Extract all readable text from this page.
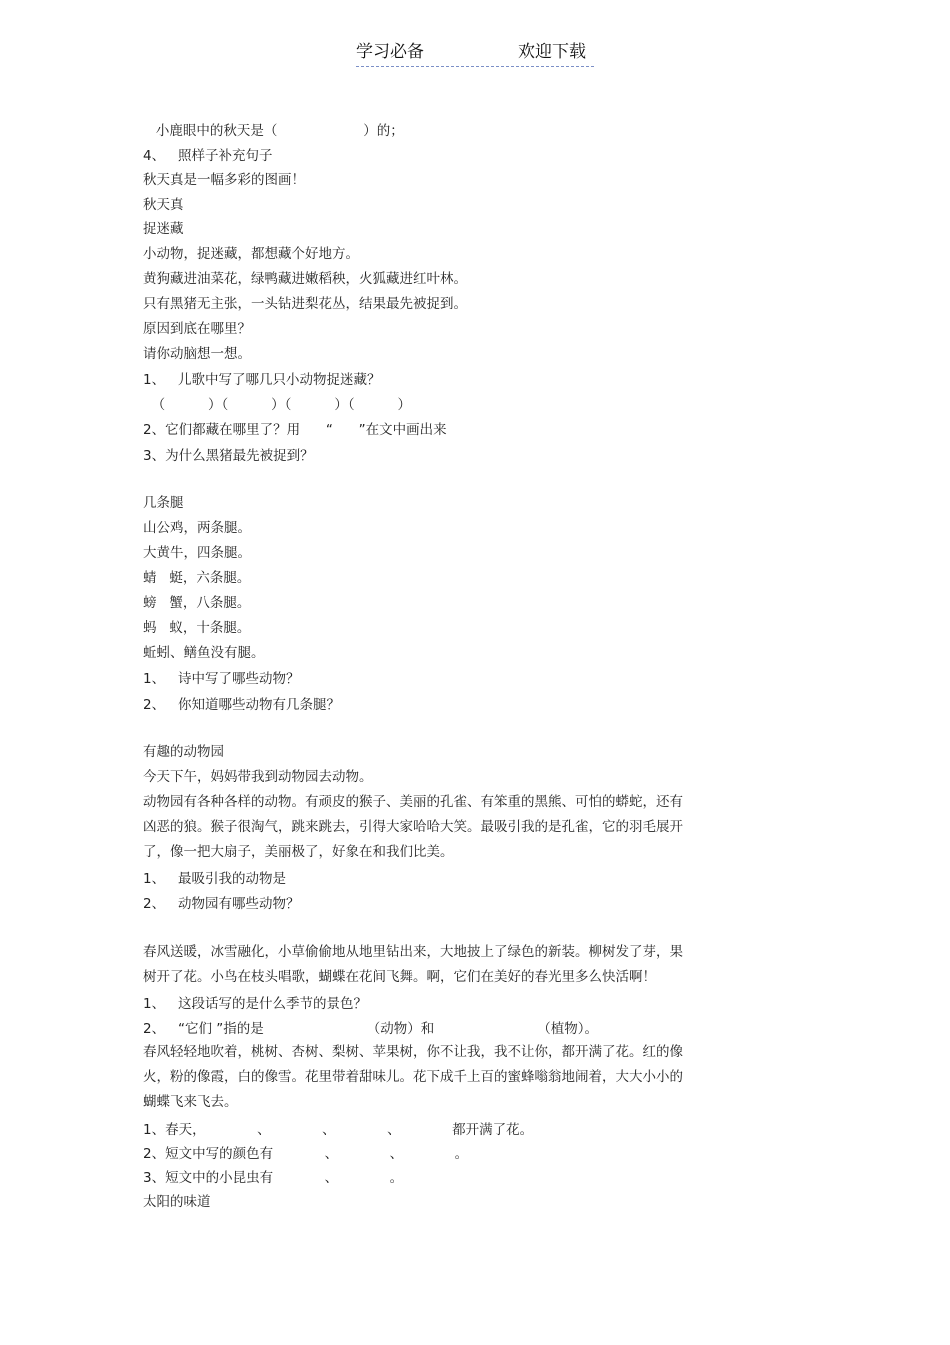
学习必备	欢迎下载
小鹿眼中的秋天是（                    ）的；
4、   照样子补充句子
秋天真是一幅多彩的图画！
秋天真
捉迷藏
小动物，捉迷藏，都想藏个好地方。
黄狗藏进油菜花，绿鸭藏进嫩稻秧，火狐藏进红叶林。
只有黑猪无主张，一头钻进梨花丛，结果最先被捉到。
原因到底在哪里？
请你动脑想一想。
1、   儿歌中写了哪几只小动物捉迷藏？
（          ）（          ）（          ）（          ）
2、它们都藏在哪里了？用      “      ”在文中画出来
3、为什么黑猪最先被捉到？
几条腿
山公鸡，两条腿。
大黄牛，四条腿。
蜻   蜓，六条腿。
螃   蟹，八条腿。
蚂   蚁，十条腿。
蚯蚓、鳝鱼没有腿。
1、   诗中写了哪些动物？
2、   你知道哪些动物有几条腿？
有趣的动物园
今天下午，妈妈带我到动物园去动物。
动物园有各种各样的动物。有顽皮的猴子、美丽的孔雀、有笨重的黑熊、可怕的蟒蛇，还有
凶恶的狼。猴子很淘气，跳来跳去，引得大家哈哈大笑。最吸引我的是孔雀，它的羽毛展开
了，像一把大扇子，美丽极了，好象在和我们比美。
1、   最吸引我的动物是
2、   动物园有哪些动物？
春风送暖，冰雪融化，小草偷偷地从地里钻出来，大地披上了绿色的新装。柳树发了芽，果
树开了花。小鸟在枝头唱歌，蝴蝶在花间飞舞。啊，它们在美好的春光里多么快活啊！
1、   这段话写的是什么季节的景色？
2、   “它们 ”指的是                        （动物）和                        （植物）。
春风轻轻地吹着，桃树、杏树、梨树、苹果树，你不让我，我不让你，都开满了花。红的像
火，粉的像霞，白的像雪。花里带着甜味儿。花下成千上百的蜜蜂嗡翁地闹着，大大小小的
蝴蝶飞来飞去。
1、春天，            、            、            、            都开满了花。
2、短文中写的颜色有            、            、            。
3、短文中的小昆虫有            、            。
太阳的味道
